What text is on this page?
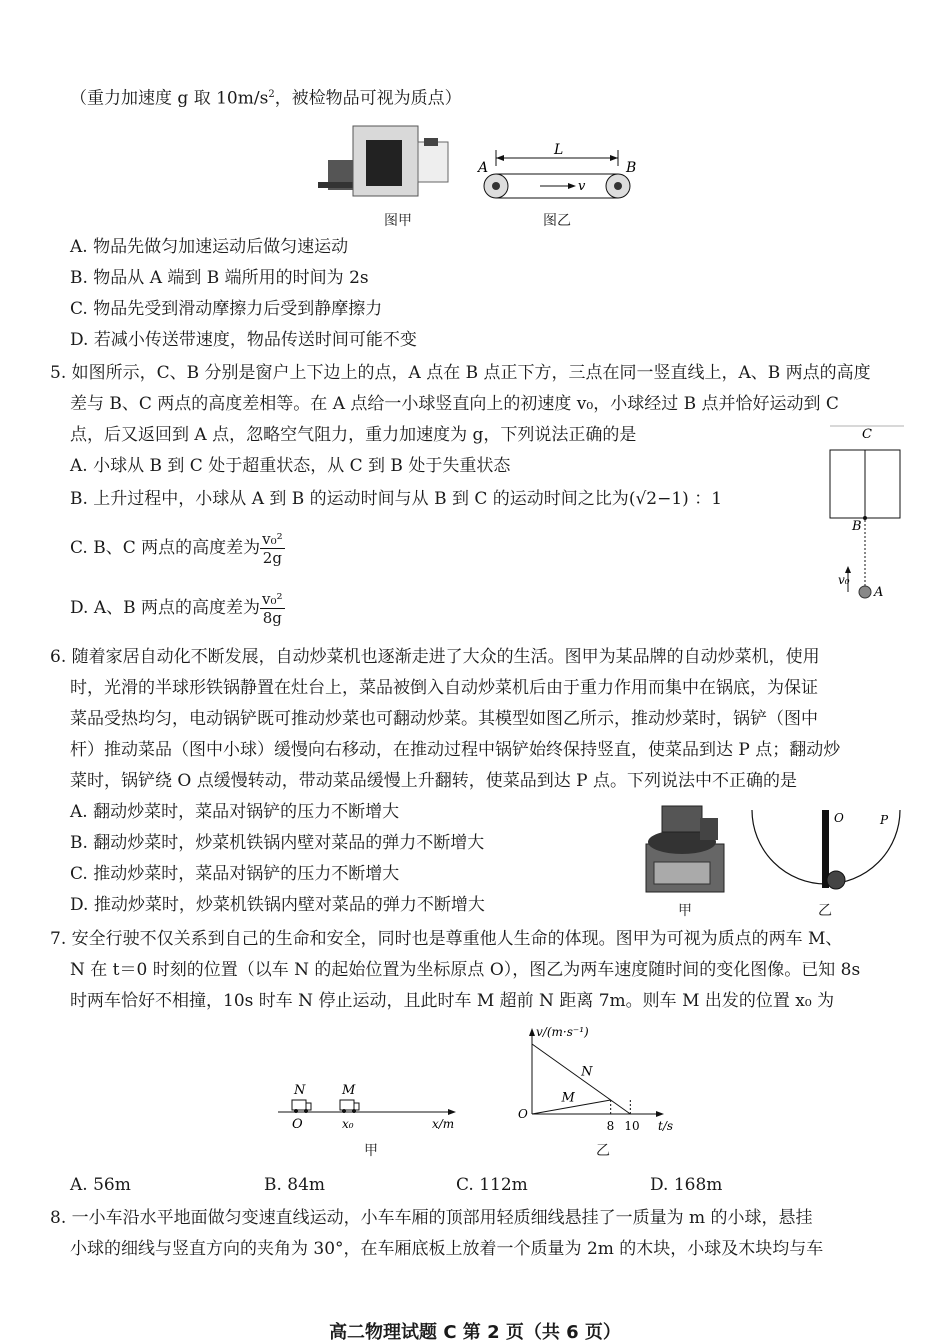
（重力加速度 g 取 $10m/s^2$，被检物品可视为质点）
图甲
A	B
L
v
图乙
A. 物品先做匀加速运动后做匀速运动
B. 物品从 A 端到 B 端所用的时间为 2s
C. 物品先受到滑动摩擦力后受到静摩擦力
D. 若减小传送带速度，物品传送时间可能不变
5. 如图所示，C、B 分别是窗户上下边上的点，A 点在 B 点正下方，三点在同一竖直线上，A、B 两点的高度
差与 B、C 两点的高度差相等。在 A 点给一小球竖直向上的初速度 v₀，小球经过 B 点并恰好运动到 C
点，后又返回到 A 点，忽略空气阻力，重力加速度为 g，下列说法正确的是
A. 小球从 B 到 C 处于超重状态，从 C 到 B 处于失重状态
B. 上升过程中，小球从 A 到 B 的运动时间与从 B 到 C 的运动时间之比为(√2−1) ：1
C. B、C 两点的高度差为 $\frac{\text{v₀²}}{2g}$
D. A、B 两点的高度差为 $\frac{\text{v₀²}}{8g}$
C
B
A
v₀
6. 随着家居自动化不断发展，自动炒菜机也逐渐走进了大众的生活。图甲为某品牌的自动炒菜机，使用
时，光滑的半球形铁锅静置在灶台上，菜品被倒入自动炒菜机后由于重力作用而集中在锅底，为保证
菜品受热均匀，电动锅铲既可推动炒菜也可翻动炒菜。其模型如图乙所示，推动炒菜时，锅铲（图中
杆）推动菜品（图中小球）缓慢向右移动，在推动过程中锅铲始终保持竖直，使菜品到达 P 点；翻动炒
菜时，锅铲绕 O 点缓慢转动，带动菜品缓慢上升翻转，使菜品到达 P 点。下列说法中不正确的是
A. 翻动炒菜时，菜品对锅铲的压力不断增大
B. 翻动炒菜时，炒菜机铁锅内壁对菜品的弹力不断增大
C. 推动炒菜时，菜品对锅铲的压力不断增大
D. 推动炒菜时，炒菜机铁锅内壁对菜品的弹力不断增大	甲
O	P
乙
7. 安全行驶不仅关系到自己的生命和安全，同时也是尊重他人生命的体现。图甲为可视为质点的两车 M、
N 在 t＝0 时刻的位置（以车 N 的起始位置为坐标原点 O），图乙为两车速度随时间的变化图像。已知 8s
时两车恰好不相撞，10s 时车 N 停止运动，且此时车 M 超前 N 距离 7m。则车 M 出发的位置 x₀ 为
N	M
O	x₀	x/m
甲
v/(m·s⁻¹)
t/s
O
8 10
N
M
乙
A. 56m	B. 84m	C. 112m	D. 168m
8. 一小车沿水平地面做匀变速直线运动，小车车厢的顶部用轻质细线悬挂了一质量为 m 的小球，悬挂
小球的细线与竖直方向的夹角为 30°，在车厢底板上放着一个质量为 2m 的木块，小球及木块均与车
高二物理试题 C 第 2 页（共 6 页）
